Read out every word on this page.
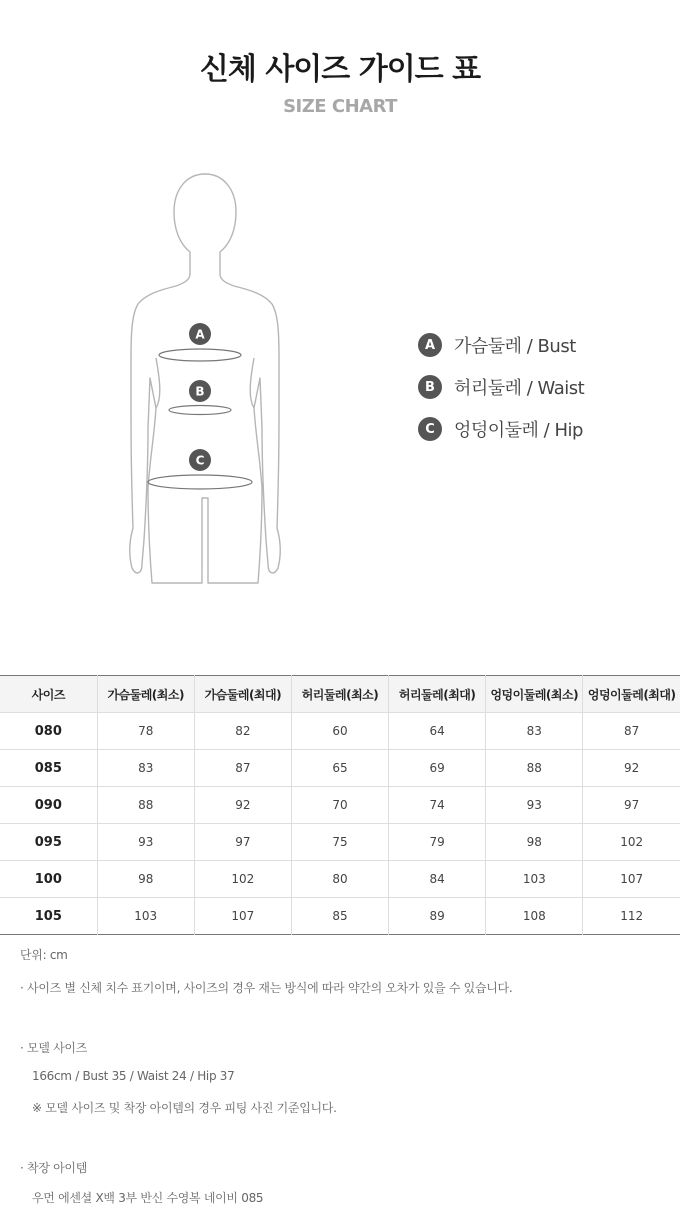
신체 사이즈 가이드 표
SIZE CHART
A
B
C
A	가슴둘레 / Bust
B	허리둘레 / Waist
C	엉덩이둘레 / Hip
사이즈	가슴둘레(최소)	가슴둘레(최대)	허리둘레(최소)	허리둘레(최대)	엉덩이둘레(최소)	엉덩이둘레(최대)
080	78	82	60	64	83	87
085	83	87	65	69	88	92
090	88	92	70	74	93	97
095	93	97	75	79	98	102
100	98	102	80	84	103	107
105	103	107	85	89	108	112
단위: cm
· 사이즈 별 신체 치수 표기이며, 사이즈의 경우 재는 방식에 따라 약간의 오차가 있을 수 있습니다.
· 모델 사이즈
166cm / Bust 35 / Waist 24 / Hip 37
※ 모델 사이즈 및 착장 아이템의 경우 피팅 사진 기준입니다.
· 착장 아이템
우먼 에센셜 X백 3부 반신 수영복 네이비 085
